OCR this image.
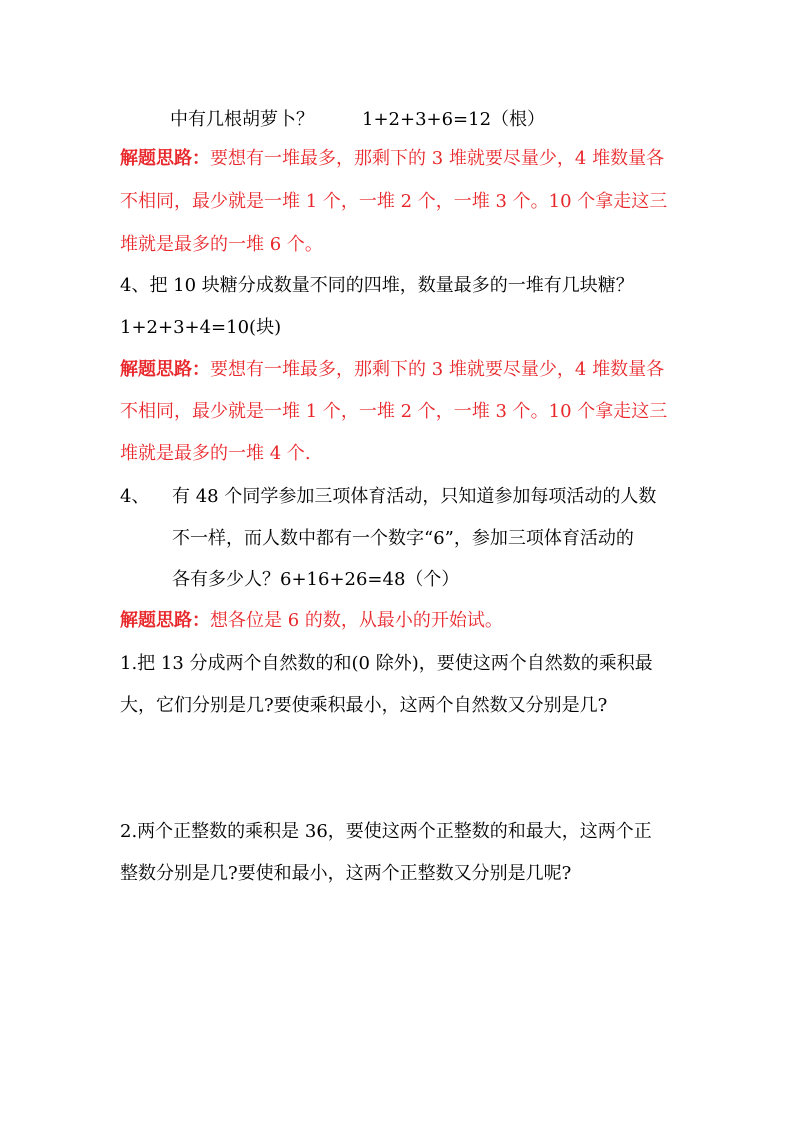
中有几根胡萝卜？	1+2+3+6=12（根）
解题思路：要想有一堆最多，那剩下的 3 堆就要尽量少，4 堆数量各
不相同，最少就是一堆 1 个，一堆 2 个，一堆 3 个。10 个拿走这三
堆就是最多的一堆 6 个。
4、把 10 块糖分成数量不同的四堆，数量最多的一堆有几块糖？
1+2+3+4=10(块)
解题思路：要想有一堆最多，那剩下的 3 堆就要尽量少，4 堆数量各
不相同，最少就是一堆 1 个，一堆 2 个，一堆 3 个。10 个拿走这三
堆就是最多的一堆 4 个.
4、 有 48 个同学参加三项体育活动，只知道参加每项活动的人数
不一样，而人数中都有一个数字“6”，参加三项体育活动的
各有多少人？6+16+26=48（个）
解题思路：想各位是 6 的数，从最小的开始试。
1.把 13 分成两个自然数的和(0 除外)，要使这两个自然数的乘积最
大，它们分别是几?要使乘积最小，这两个自然数又分别是几?
2.两个正整数的乘积是 36，要使这两个正整数的和最大，这两个正
整数分别是几?要使和最小，这两个正整数又分别是几呢?
